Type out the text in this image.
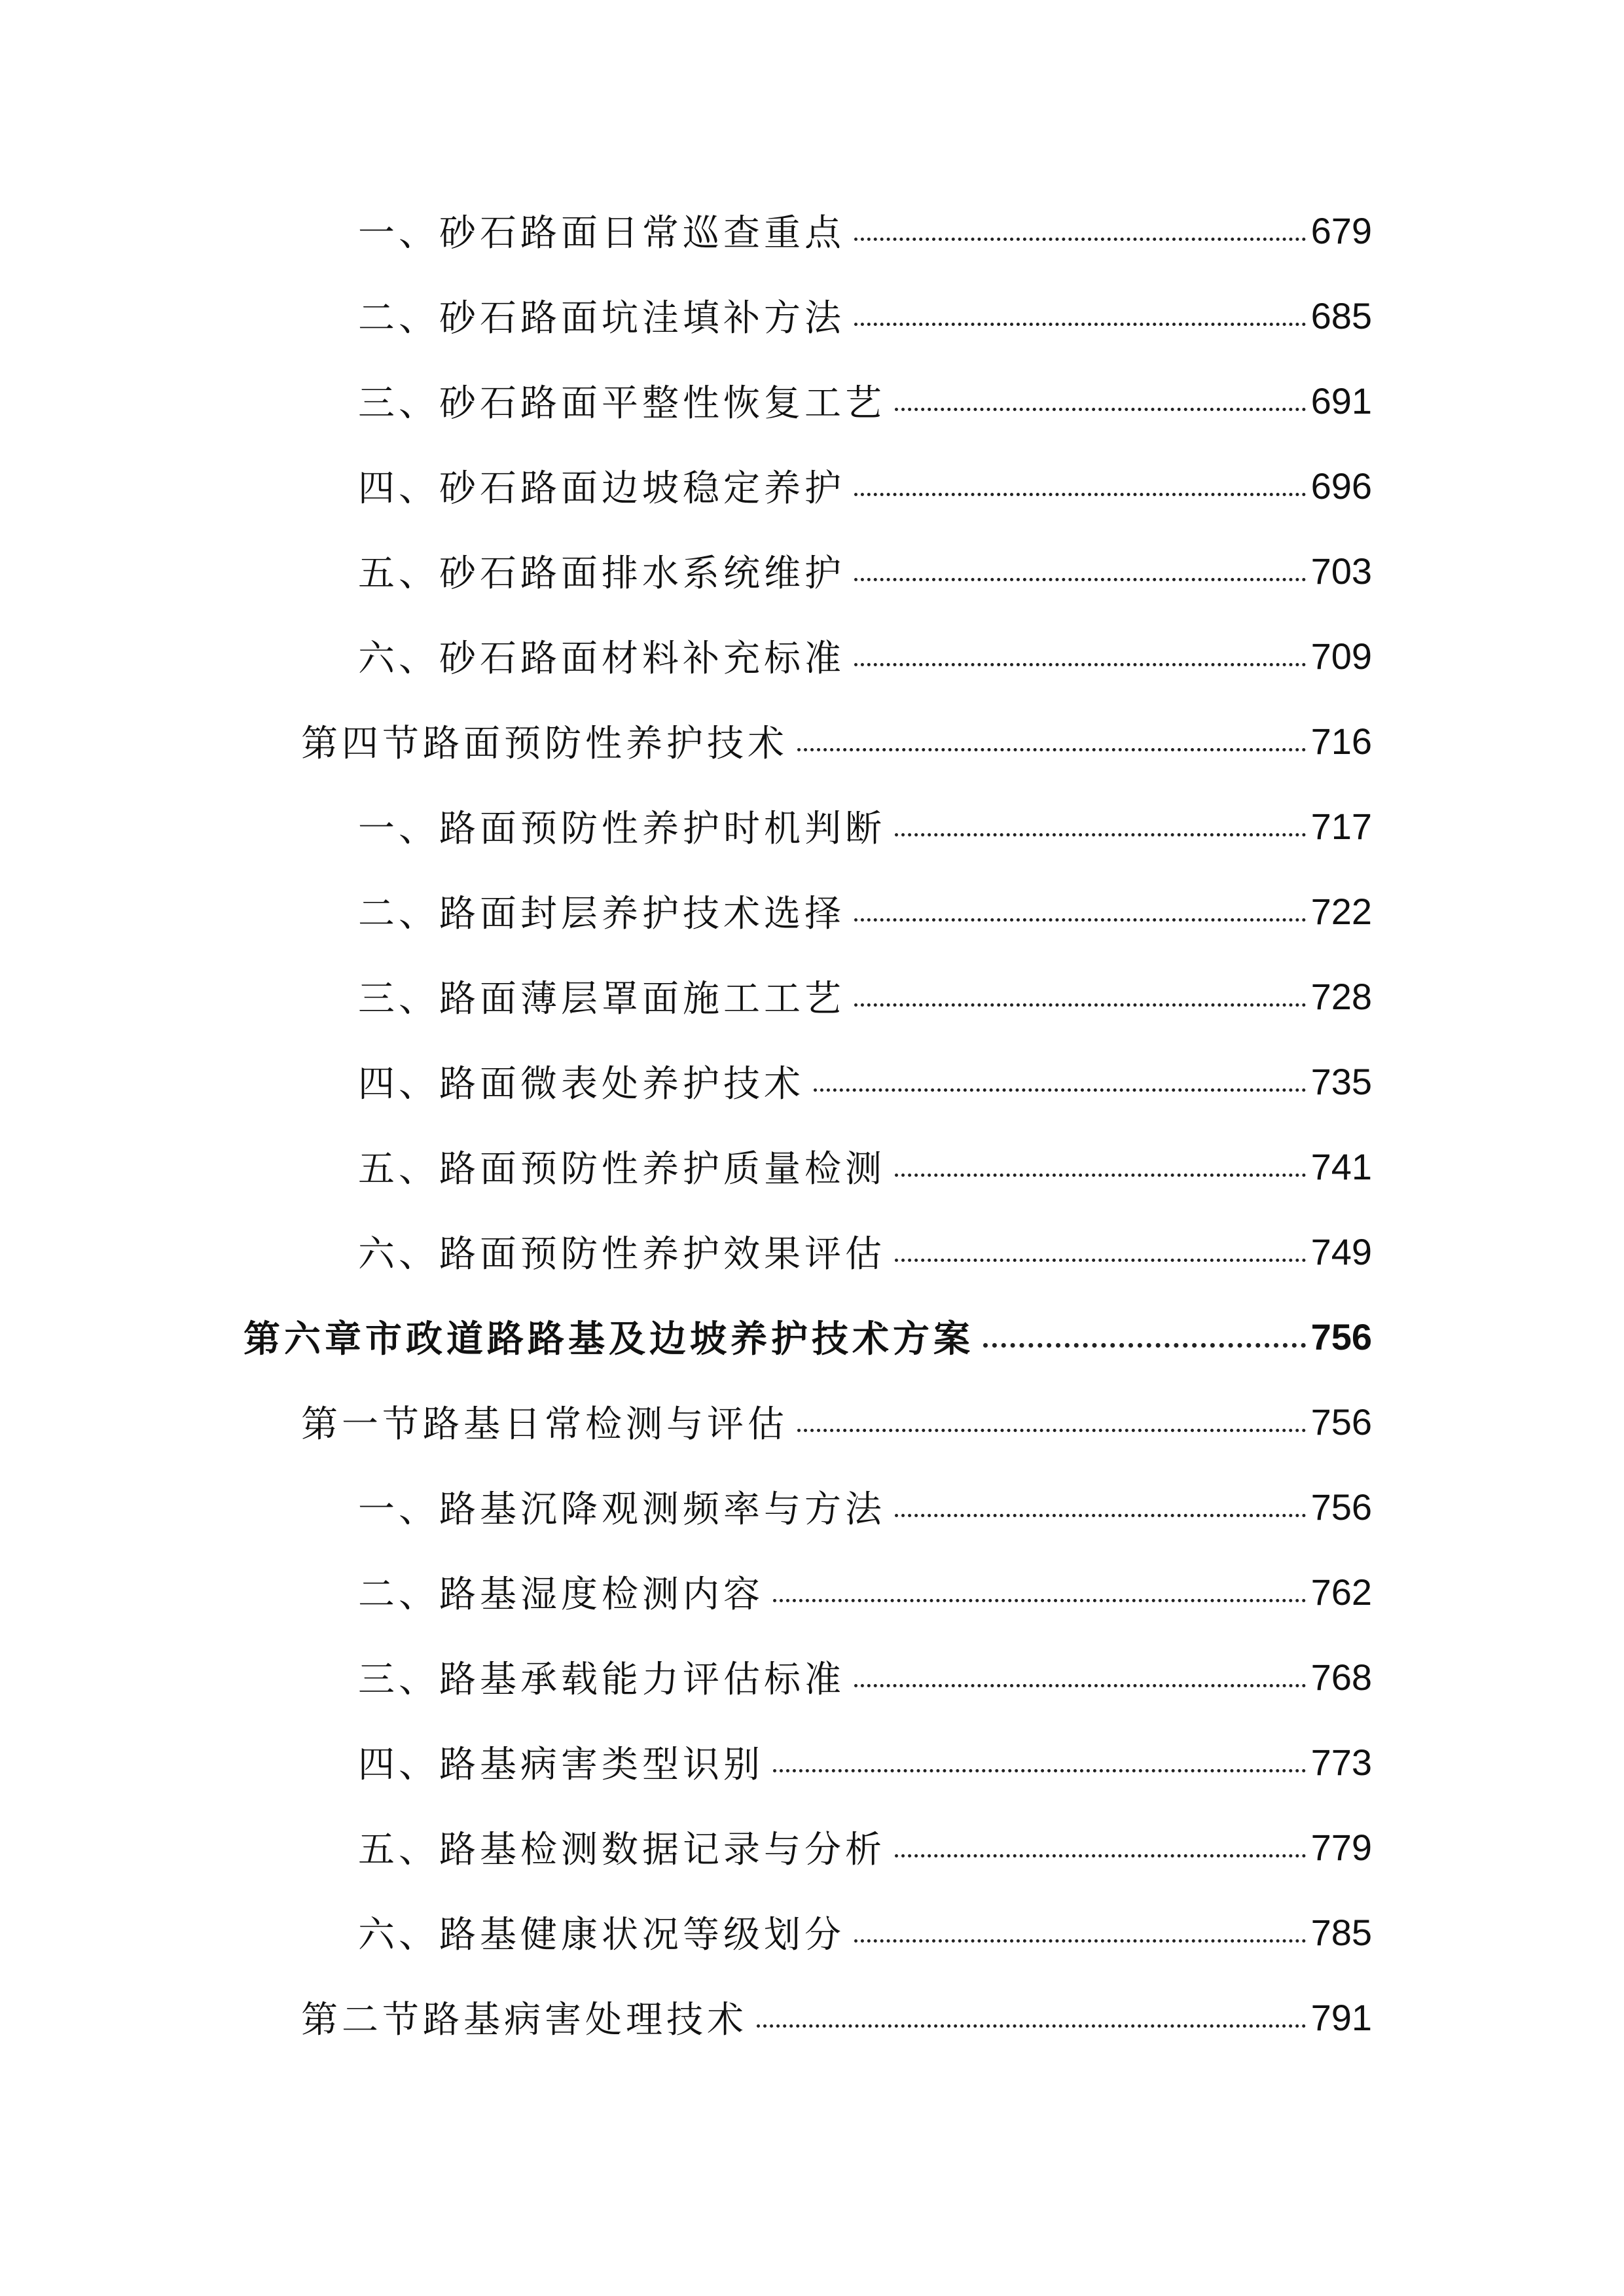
一、砂石路面日常巡查重点	679
二、砂石路面坑洼填补方法	685
三、砂石路面平整性恢复工艺	691
四、砂石路面边坡稳定养护	696
五、砂石路面排水系统维护	703
六、砂石路面材料补充标准	709
第四节路面预防性养护技术	716
一、路面预防性养护时机判断	717
二、路面封层养护技术选择	722
三、路面薄层罩面施工工艺	728
四、路面微表处养护技术	735
五、路面预防性养护质量检测	741
六、路面预防性养护效果评估	749
第六章市政道路路基及边坡养护技术方案	756
第一节路基日常检测与评估	756
一、路基沉降观测频率与方法	756
二、路基湿度检测内容	762
三、路基承载能力评估标准	768
四、路基病害类型识别	773
五、路基检测数据记录与分析	779
六、路基健康状况等级划分	785
第二节路基病害处理技术	791
